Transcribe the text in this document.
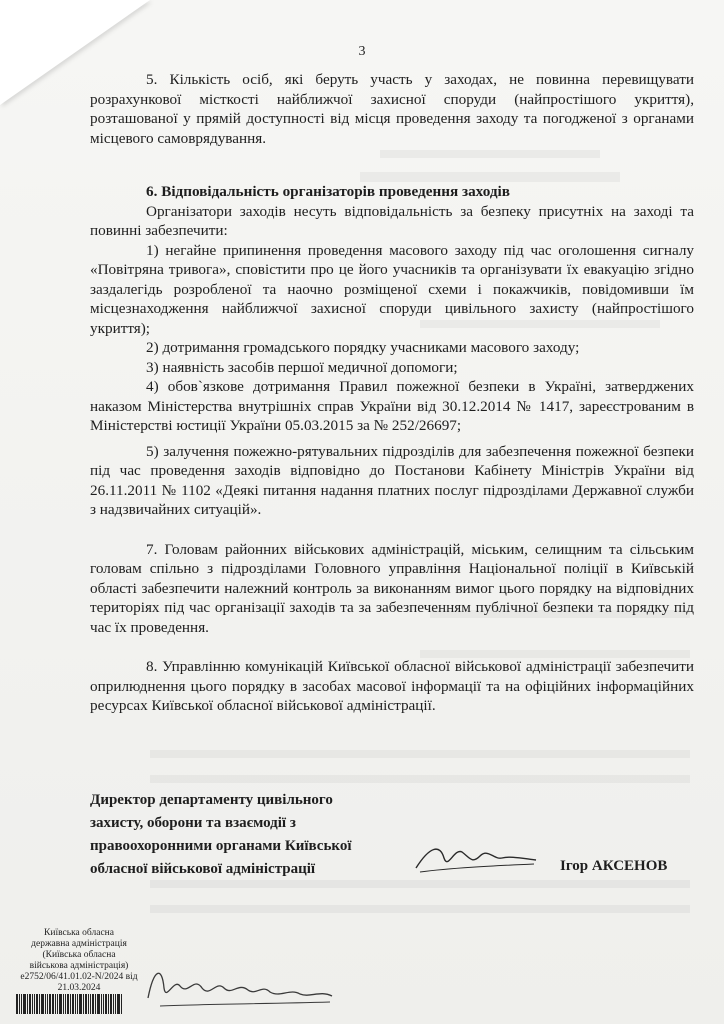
3

5. Кількість осіб, які беруть участь у заходах, не повинна перевищувати розрахункової місткості найближчої захисної споруди (найпростішого укриття), розташованої у прямій доступності від місця проведення заходу та погодженої з органами місцевого самоврядування.

6. Відповідальність організаторів проведення заходів

Організатори заходів несуть відповідальність за безпеку присутніх на заході та повинні забезпечити:

1) негайне припинення проведення масового заходу під час оголошення сигналу «Повітряна тривога», сповістити про це його учасників та організувати їх евакуацію згідно заздалегідь розробленої та наочно розміщеної схеми і покажчиків, повідомивши їм місцезнаходження найближчої захисної споруди цивільного захисту (найпростішого укриття);

2) дотримання громадського порядку учасниками масового заходу;

3) наявність засобів першої медичної допомоги;

4) обов`язкове дотримання Правил пожежної безпеки в Україні, затверджених наказом Міністерства внутрішніх справ України від 30.12.2014 № 1417, зареєстрованим в Міністерстві юстиції України 05.03.2015 за № 252/26697;

5) залучення пожежно-рятувальних підрозділів для забезпечення пожежної безпеки під час проведення заходів відповідно до Постанови Кабінету Міністрів України від 26.11.2011 № 1102 «Деякі питання надання платних послуг підрозділами Державної служби з надзвичайних ситуацій».

7. Головам районних військових адміністрацій, міським, селищним та сільським головам спільно з підрозділами Головного управління Національної поліції в Київській області забезпечити належний контроль за виконанням вимог цього порядку на відповідних територіях під час організації заходів та за забезпеченням публічної безпеки та порядку під час їх проведення.

8. Управлінню комунікацій Київської обласної військової адміністрації забезпечити оприлюднення цього порядку в засобах масової інформації та на офіційних інформаційних ресурсах Київської обласної військової адміністрації.

Директор департаменту цивільного
захисту, оборони та взаємодії з
правоохоронними органами Київської
обласної військової адміністрації	Ігор АКСЕНОВ
Київська обласна
державна адміністрація
(Київська обласна
військова адміністрація)
e2752/06/41.01.02-N/2024 від
21.03.2024
